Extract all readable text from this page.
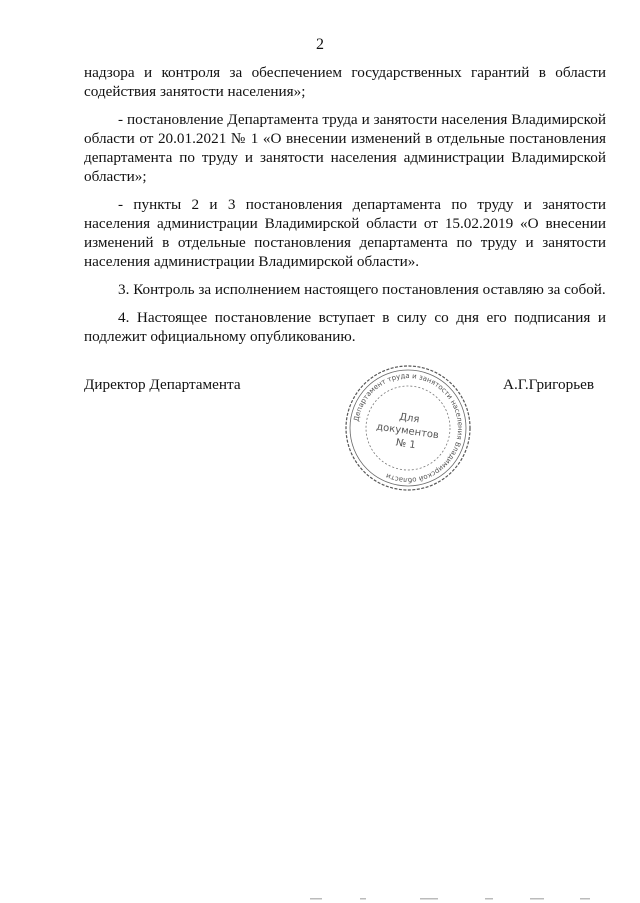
2

надзора и контроля за обеспечением государственных гарантий в области содействия занятости населения»;

- постановление Департамента труда и занятости населения Владимирской области от 20.01.2021 № 1 «О внесении изменений в отдельные постановления департамента по труду и занятости населения администрации Владимирской области»;

- пункты 2 и 3 постановления департамента по труду и занятости населения администрации Владимирской области от 15.02.2019 «О внесении изменений в отдельные постановления департамента по труду и занятости населения администрации Владимирской области».

3. Контроль за исполнением настоящего постановления оставляю за собой.

4. Настоящее постановление вступает в силу со дня его подписания и подлежит официальному опубликованию.

Директор Департамента	А.Г.Григорьев
Департамент труда и занятости населения Владимирской области
Для
документов
№ 1
